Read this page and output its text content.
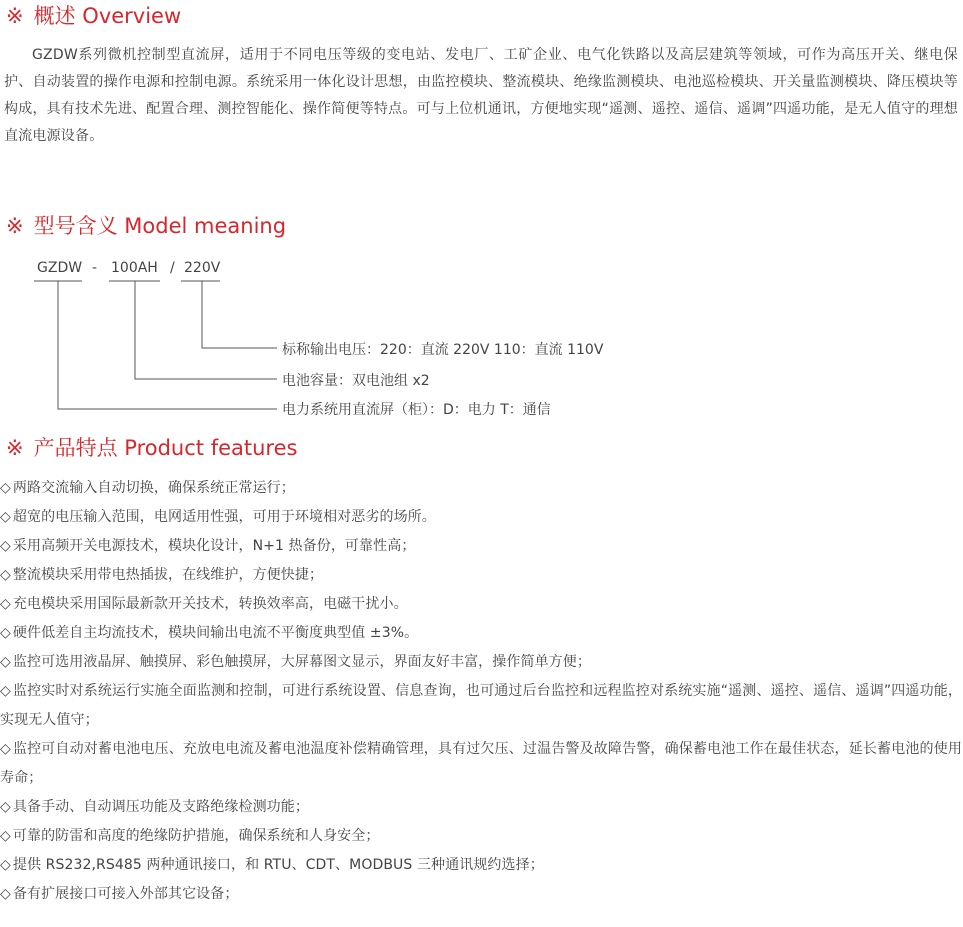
※ 概述 Overview

GZDW系列微机控制型直流屏，适用于不同电压等级的变电站、发电厂、工矿企业、电气化铁路以及高层建筑等领域，可作为高压开关、继电保护、自动装置的操作电源和控制电源。系统采用一体化设计思想，由监控模块、整流模块、绝缘监测模块、电池巡检模块、开关量监测模块、降压模块等构成，具有技术先进、配置合理、测控智能化、操作简便等特点。可与上位机通讯，方便地实现“遥测、遥控、遥信、遥调”四遥功能，是无人值守的理想直流电源设备。

※ 型号含义 Model meaning
GZDW - 100AH / 220V
标称输出电压：220：直流 220V 110：直流 110V
电池容量：双电池组 x2
电力系统用直流屏（柜）：D：电力 T：通信
※ 产品特点 Product features
◇ 两路交流输入自动切换，确保系统正常运行；
◇ 超宽的电压输入范围，电网适用性强，可用于环境相对恶劣的场所。
◇ 采用高频开关电源技术，模块化设计，N+1 热备份，可靠性高；
◇ 整流模块采用带电热插拔，在线维护，方便快捷；
◇ 充电模块采用国际最新款开关技术，转换效率高，电磁干扰小。
◇ 硬件低差自主均流技术，模块间输出电流不平衡度典型值 ±3%。
◇ 监控可选用液晶屏、触摸屏、彩色触摸屏，大屏幕图文显示，界面友好丰富，操作简单方便；
◇ 监控实时对系统运行实施全面监测和控制，可进行系统设置、信息查询，也可通过后台监控和远程监控对系统实施“遥测、遥控、遥信、遥调”四遥功能，实现无人值守；
◇ 监控可自动对蓄电池电压、充放电电流及蓄电池温度补偿精确管理，具有过欠压、过温告警及故障告警，确保蓄电池工作在最佳状态，延长蓄电池的使用寿命；
◇ 具备手动、自动调压功能及支路绝缘检测功能；
◇ 可靠的防雷和高度的绝缘防护措施，确保系统和人身安全；
◇ 提供 RS232,RS485 两种通讯接口，和 RTU、CDT、MODBUS 三种通讯规约选择；
◇ 备有扩展接口可接入外部其它设备；
